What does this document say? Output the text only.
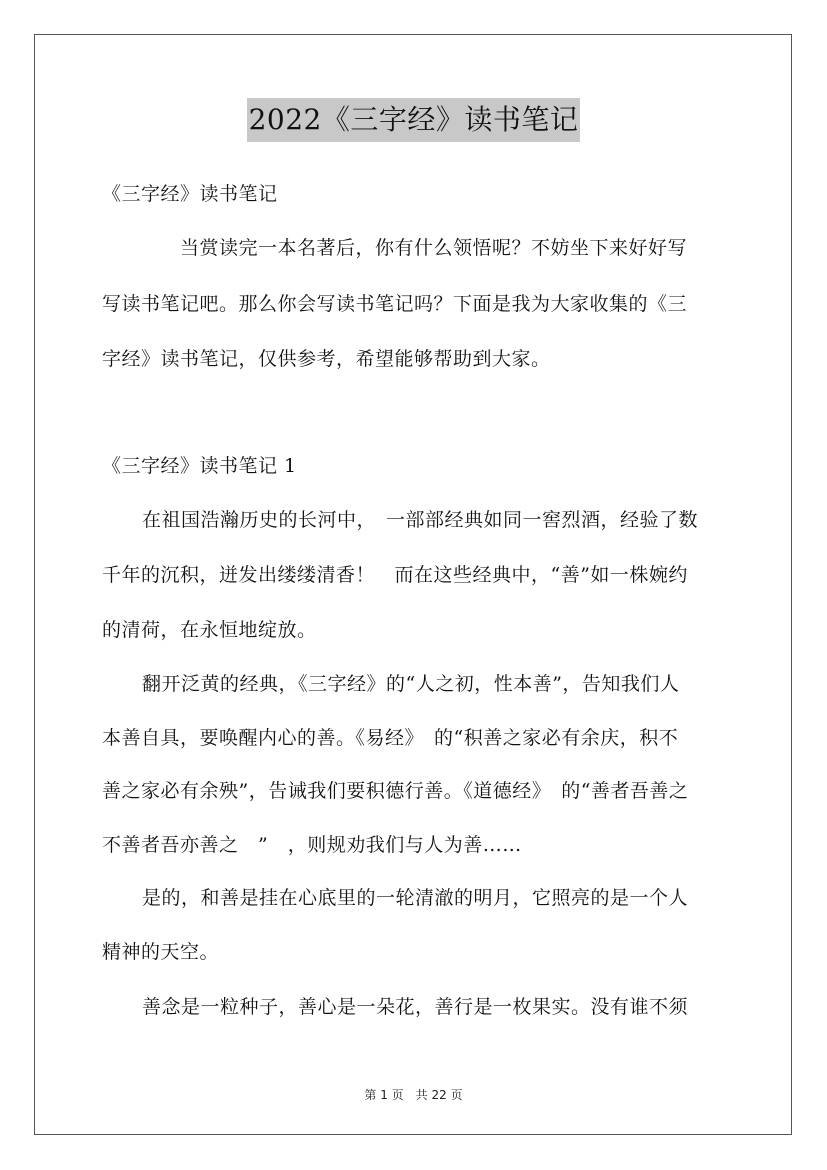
2022《三字经》读书笔记
《三字经》读书笔记
当赏读完一本名著后，你有什么领悟呢？不妨坐下来好好写
写读书笔记吧。那么你会写读书笔记吗？下面是我为大家收集的《三
字经》读书笔记，仅供参考，希望能够帮助到大家。
《三字经》读书笔记 1
在祖国浩瀚历史的长河中，　一部部经典如同一窖烈酒，经验了数
千年的沉积，迸发出缕缕清香！　而在这些经典中，“善”如一株婉约
的清荷，在永恒地绽放。
翻开泛黄的经典，《三字经》的“人之初，性本善”，告知我们人
本善自具，要唤醒内心的善。《易经》　的“积善之家必有余庆，积不
善之家必有余殃”，告诫我们要积德行善。《道德经》　的“善者吾善之
不善者吾亦善之　”　，则规劝我们与人为善……
是的，和善是挂在心底里的一轮清澈的明月，它照亮的是一个人
精神的天空。
善念是一粒种子，善心是一朵花，善行是一枚果实。没有谁不须
第 1 页　共 22 页
